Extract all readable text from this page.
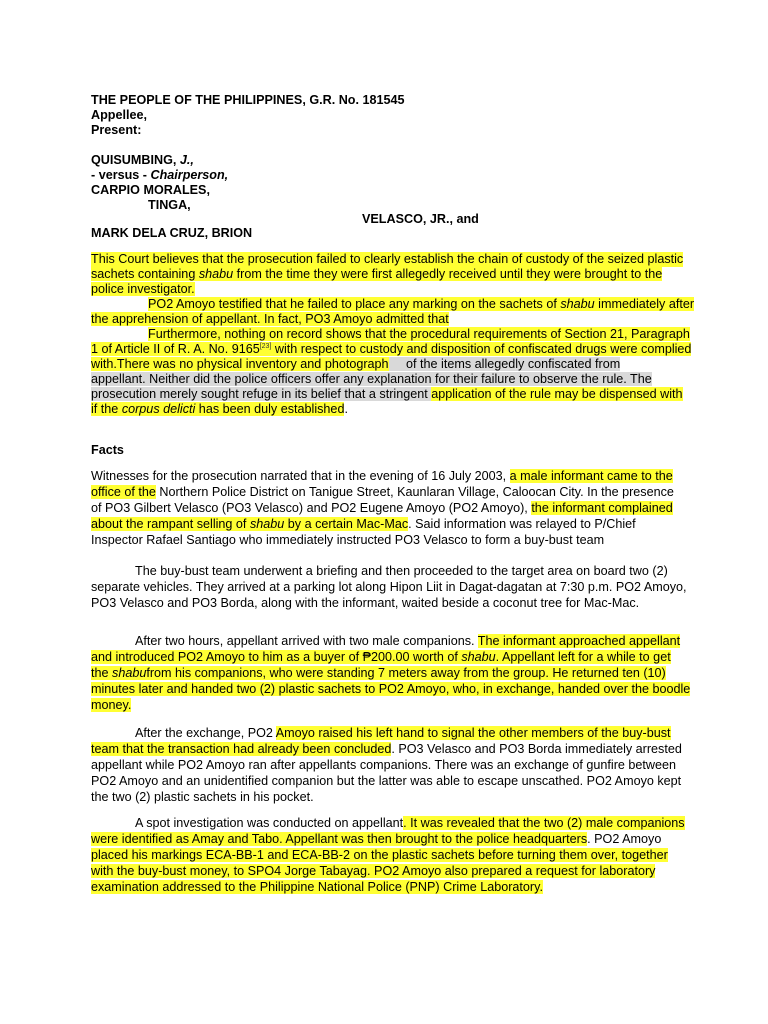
THE PEOPLE OF THE PHILIPPINES, G.R. No. 181545
Appellee,
Present:
QUISUMBING, J.,
- versus - Chairperson,
CARPIO MORALES,
TINGA,
VELASCO, JR., and
MARK DELA CRUZ, BRION
This Court believes that the prosecution failed to clearly establish the chain of custody of the seized plastic
sachets containing shabu from the time they were first allegedly received until they were brought to the
police investigator.
PO2 Amoyo testified that he failed to place any marking on the sachets of shabu immediately after
the apprehension of appellant. In fact, PO3 Amoyo admitted that
Furthermore, nothing on record shows that the procedural requirements of Section 21, Paragraph
1 of Article II of R. A. No. 9165[23] with respect to custody and disposition of confiscated drugs were complied
with.There was no physical inventory and photograph     of the items allegedly confiscated from
appellant. Neither did the police officers offer any explanation for their failure to observe the rule. The
prosecution merely sought refuge in its belief that a stringent application of the rule may be dispensed with
if the corpus delicti has been duly established.
Facts
Witnesses for the prosecution narrated that in the evening of 16 July 2003, a male informant came to the
office of the Northern Police District on Tanigue Street, Kaunlaran Village, Caloocan City. In the presence
of PO3 Gilbert Velasco (PO3 Velasco) and PO2 Eugene Amoyo (PO2 Amoyo), the informant complained
about the rampant selling of shabu by a certain Mac-Mac. Said information was relayed to P/Chief
Inspector Rafael Santiago who immediately instructed PO3 Velasco to form a buy-bust team
The buy-bust team underwent a briefing and then proceeded to the target area on board two (2)
separate vehicles. They arrived at a parking lot along Hipon Liit in Dagat-dagatan at 7:30 p.m. PO2 Amoyo,
PO3 Velasco and PO3 Borda, along with the informant, waited beside a coconut tree for Mac-Mac.
After two hours, appellant arrived with two male companions. The informant approached appellant
and introduced PO2 Amoyo to him as a buyer of ₱200.00 worth of shabu. Appellant left for a while to get
the shabufrom his companions, who were standing 7 meters away from the group. He returned ten (10)
minutes later and handed two (2) plastic sachets to PO2 Amoyo, who, in exchange, handed over the boodle
money.
After the exchange, PO2 Amoyo raised his left hand to signal the other members of the buy-bust
team that the transaction had already been concluded. PO3 Velasco and PO3 Borda immediately arrested
appellant while PO2 Amoyo ran after appellants companions. There was an exchange of gunfire between
PO2 Amoyo and an unidentified companion but the latter was able to escape unscathed. PO2 Amoyo kept
the two (2) plastic sachets in his pocket.
A spot investigation was conducted on appellant. It was revealed that the two (2) male companions
were identified as Amay and Tabo. Appellant was then brought to the police headquarters. PO2 Amoyo
placed his markings ECA-BB-1 and ECA-BB-2 on the plastic sachets before turning them over, together
with the buy-bust money, to SPO4 Jorge Tabayag. PO2 Amoyo also prepared a request for laboratory
examination addressed to the Philippine National Police (PNP) Crime Laboratory.
